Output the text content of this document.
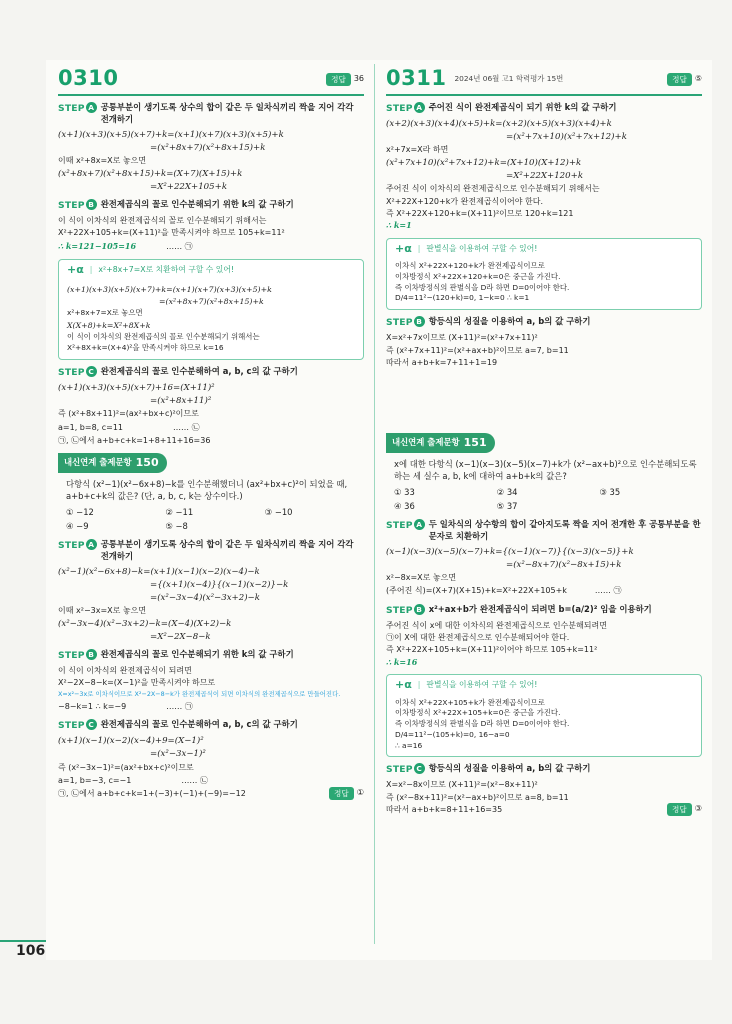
106
0310	정답	36
STEP A 공통부분이 생기도록 상수의 합이 같은 두 일차식끼리 짝을 지어 각각 전개하기
(x+1)(x+3)(x+5)(x+7)+k=(x+1)(x+7)(x+3)(x+5)+k
=(x²+8x+7)(x²+8x+15)+k
이때 x²+8x=X로 놓으면
(x²+8x+7)(x²+8x+15)+k=(X+7)(X+15)+k
=X²+22X+105+k
STEP B 완전제곱식의 꼴로 인수분해되기 위한 k의 값 구하기
이 식이 이차식의 완전제곱식의 꼴로 인수분해되기 위해서는
X²+22X+105+k=(X+11)²을 만족시켜야 하므로 105+k=11²
∴ k=121−105=16	…… ㉠
+α | x²+8x+7=X로 치환하여 구할 수 있어!
(x+1)(x+3)(x+5)(x+7)+k=(x+1)(x+7)(x+3)(x+5)+k
=(x²+8x+7)(x²+8x+15)+k
x²+8x+7=X로 놓으면
X(X+8)+k=X²+8X+k
이 식이 이차식의 완전제곱식의 꼴로 인수분해되기 위해서는
X²+8X+k=(X+4)²을 만족시켜야 하므로 k=16
STEP C 완전제곱식의 꼴로 인수분해하여 a, b, c의 값 구하기
(x+1)(x+3)(x+5)(x+7)+16=(X+11)²
=(x²+8x+11)²
즉 (x²+8x+11)²=(ax²+bx+c)²이므로
a=1, b=8, c=11	…… ㉡
㉠, ㉡에서 a+b+c+k=1+8+11+16=36
내신연계 출제문항 150
다항식 (x²−1)(x²−6x+8)−k를 인수분해했더니 (ax²+bx+c)²이 되었을 때, a+b+c+k의 값은? (단, a, b, c, k는 상수이다.)
① −12	② −11	③ −10
④ −9	⑤ −8
STEP A 공통부분이 생기도록 상수의 합이 같은 두 일차식끼리 짝을 지어 각각 전개하기
(x²−1)(x²−6x+8)−k=(x+1)(x−1)(x−2)(x−4)−k
={(x+1)(x−4)}{(x−1)(x−2)}−k
=(x²−3x−4)(x²−3x+2)−k
이때 x²−3x=X로 놓으면
(x²−3x−4)(x²−3x+2)−k=(X−4)(X+2)−k
=X²−2X−8−k
STEP B 완전제곱식의 꼴로 인수분해되기 위한 k의 값 구하기
이 식이 이차식의 완전제곱식이 되려면
X²−2X−8−k=(X−1)²을 만족시켜야 하므로
X=x²−3x로 이차식이므로 X²−2X−8−k가 완전제곱식이 되면 이차식의 완전제곱식으로 만들어진다.
−8−k=1 ∴ k=−9	…… ㉠
STEP C 완전제곱식의 꼴로 인수분해하여 a, b, c의 값 구하기
(x+1)(x−1)(x−2)(x−4)+9=(X−1)²
=(x²−3x−1)²
즉 (x²−3x−1)²=(ax²+bx+c)²이므로
a=1, b=−3, c=−1	…… ㉡
㉠, ㉡에서 a+b+c+k=1+(−3)+(−1)+(−9)=−12	정답 ①
0311 2024년 06월 고1 학력평가 15번	정답	⑤
STEP A 주어진 식이 완전제곱식이 되기 위한 k의 값 구하기
(x+2)(x+3)(x+4)(x+5)+k=(x+2)(x+5)(x+3)(x+4)+k
=(x²+7x+10)(x²+7x+12)+k
x²+7x=X라 하면
(x²+7x+10)(x²+7x+12)+k=(X+10)(X+12)+k
=X²+22X+120+k
주어진 식이 이차식의 완전제곱식으로 인수분해되기 위해서는
X²+22X+120+k가 완전제곱식이어야 한다.
즉 X²+22X+120+k=(X+11)²이므로 120+k=121
∴ k=1
+α | 판별식을 이용하여 구할 수 있어!
이차식 X²+22X+120+k가 완전제곱식이므로
이차방정식 X²+22X+120+k=0은 중근을 가진다.
즉 이차방정식의 판별식을 D라 하면 D=0이어야 한다.
D/4=11²−(120+k)=0, 1−k=0 ∴ k=1
STEP B 항등식의 성질을 이용하여 a, b의 값 구하기
X=x²+7x이므로 (X+11)²=(x²+7x+11)²
즉 (x²+7x+11)²=(x²+ax+b)²이므로 a=7, b=11
따라서 a+b+k=7+11+1=19
내신연계 출제문항 151
x에 대한 다항식 (x−1)(x−3)(x−5)(x−7)+k가 (x²−ax+b)²으로 인수분해되도록 하는 세 실수 a, b, k에 대하여 a+b+k의 값은?
① 33	② 34	③ 35
④ 36	⑤ 37
STEP A 두 일차식의 상수항의 합이 같아지도록 짝을 지어 전개한 후 공통부분을 한 문자로 치환하기
(x−1)(x−3)(x−5)(x−7)+k={(x−1)(x−7)}{(x−3)(x−5)}+k
=(x²−8x+7)(x²−8x+15)+k
x²−8x=X로 놓으면
(주어진 식)=(X+7)(X+15)+k=X²+22X+105+k	…… ㉠
STEP B x²+ax+b가 완전제곱식이 되려면 b=(a/2)² 임을 이용하기
주어진 식이 x에 대한 이차식의 완전제곱식으로 인수분해되려면
㉠이 X에 대한 완전제곱식으로 인수분해되어야 한다.
즉 X²+22X+105+k=(X+11)²이어야 하므로 105+k=11²
∴ k=16
+α | 판별식을 이용하여 구할 수 있어!
이차식 X²+22X+105+k가 완전제곱식이므로
이차방정식 X²+22X+105+k=0은 중근을 가진다.
즉 이차방정식의 판별식을 D라 하면 D=0이어야 한다.
D/4=11²−(105+k)=0, 16−a=0
∴ a=16
STEP C 항등식의 성질을 이용하여 a, b의 값 구하기
X=x²−8x이므로 (X+11)²=(x²−8x+11)²
즉 (x²−8x+11)²=(x²−ax+b)²이므로 a=8, b=11
따라서 a+b+k=8+11+16=35	정답 ③
